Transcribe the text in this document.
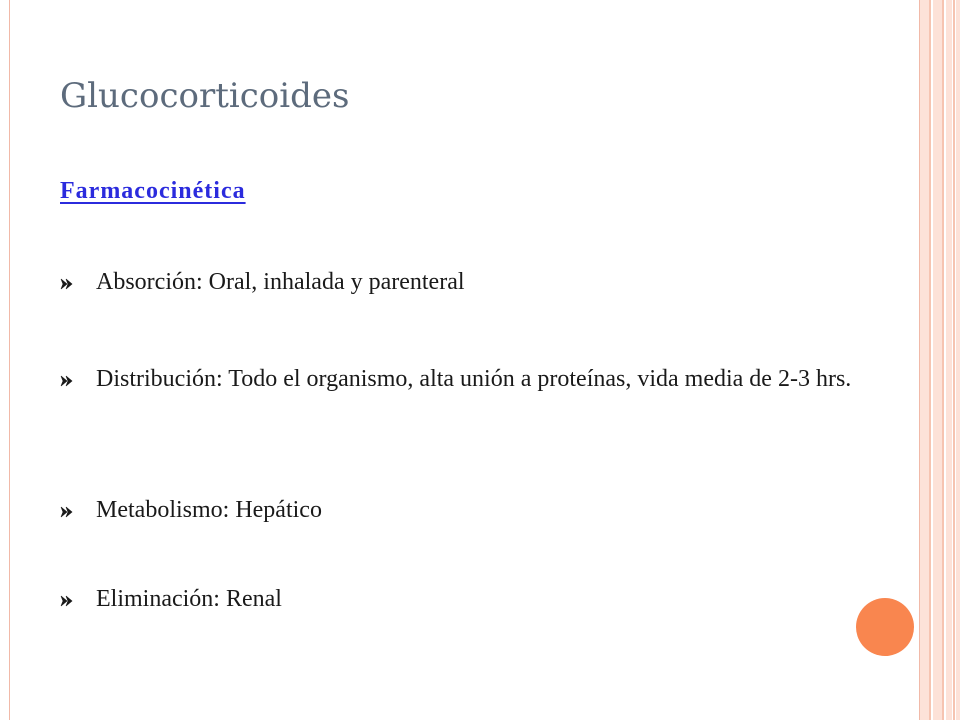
Glucocorticoides
Farmacocinética
Absorción: Oral, inhalada y parenteral
Distribución: Todo el organismo, alta unión a proteínas, vida media de 2-3 hrs.
Metabolismo: Hepático
Eliminación: Renal
